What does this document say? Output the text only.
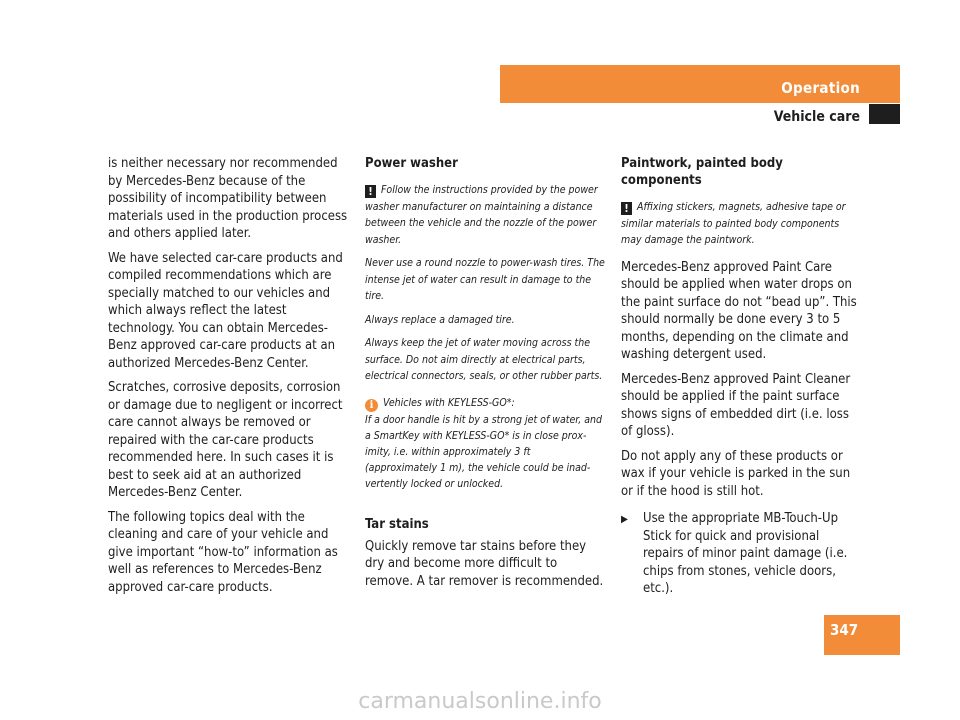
Operation
Vehicle care

is neither necessary nor recommended by Mercedes-Benz because of the possibility of incompatibility between materials used in the production process and others applied later.

We have selected car-care products and compiled recommendations which are specially matched to our vehicles and which always reflect the latest technology. You can obtain Mercedes-Benz approved car-care products at an authorized Mercedes-Benz Center.

Scratches, corrosive deposits, corrosion or damage due to negligent or incorrect care cannot always be removed or repaired with the car-care products recommended here. In such cases it is best to seek aid at an authorized Mercedes-Benz Center.

The following topics deal with the cleaning and care of your vehicle and give important “how-to” information as well as references to Mercedes-Benz approved car-care products.

Power washer

! Follow the instructions provided by the power washer manufacturer on maintaining a distance between the vehicle and the nozzle of the power washer.

Never use a round nozzle to power-wash tires. The intense jet of water can result in damage to the tire.

Always replace a damaged tire.

Always keep the jet of water moving across the surface. Do not aim directly at electrical parts, electrical connectors, seals, or other rubber parts.

i Vehicles with KEYLESS-GO*:
If a door handle is hit by a strong jet of water, and a SmartKey with KEYLESS-GO* is in close prox-imity, i.e. within approximately 3 ft (approximately 1 m), the vehicle could be inad-vertently locked or unlocked.

Tar stains

Quickly remove tar stains before they dry and become more difficult to remove. A tar remover is recommended.

Paintwork, painted body components

! Affixing stickers, magnets, adhesive tape or similar materials to painted body components may damage the paintwork.

Mercedes-Benz approved Paint Care should be applied when water drops on the paint surface do not “bead up”. This should normally be done every 3 to 5 months, depending on the climate and washing detergent used.

Mercedes-Benz approved Paint Cleaner should be applied if the paint surface shows signs of embedded dirt (i.e. loss of gloss).

Do not apply any of these products or wax if your vehicle is parked in the sun or if the hood is still hot.

▶	Use the appropriate MB-Touch-Up Stick for quick and provisional repairs of minor paint damage (i.e. chips from stones, vehicle doors, etc.).
347
carmanualsonline.info
